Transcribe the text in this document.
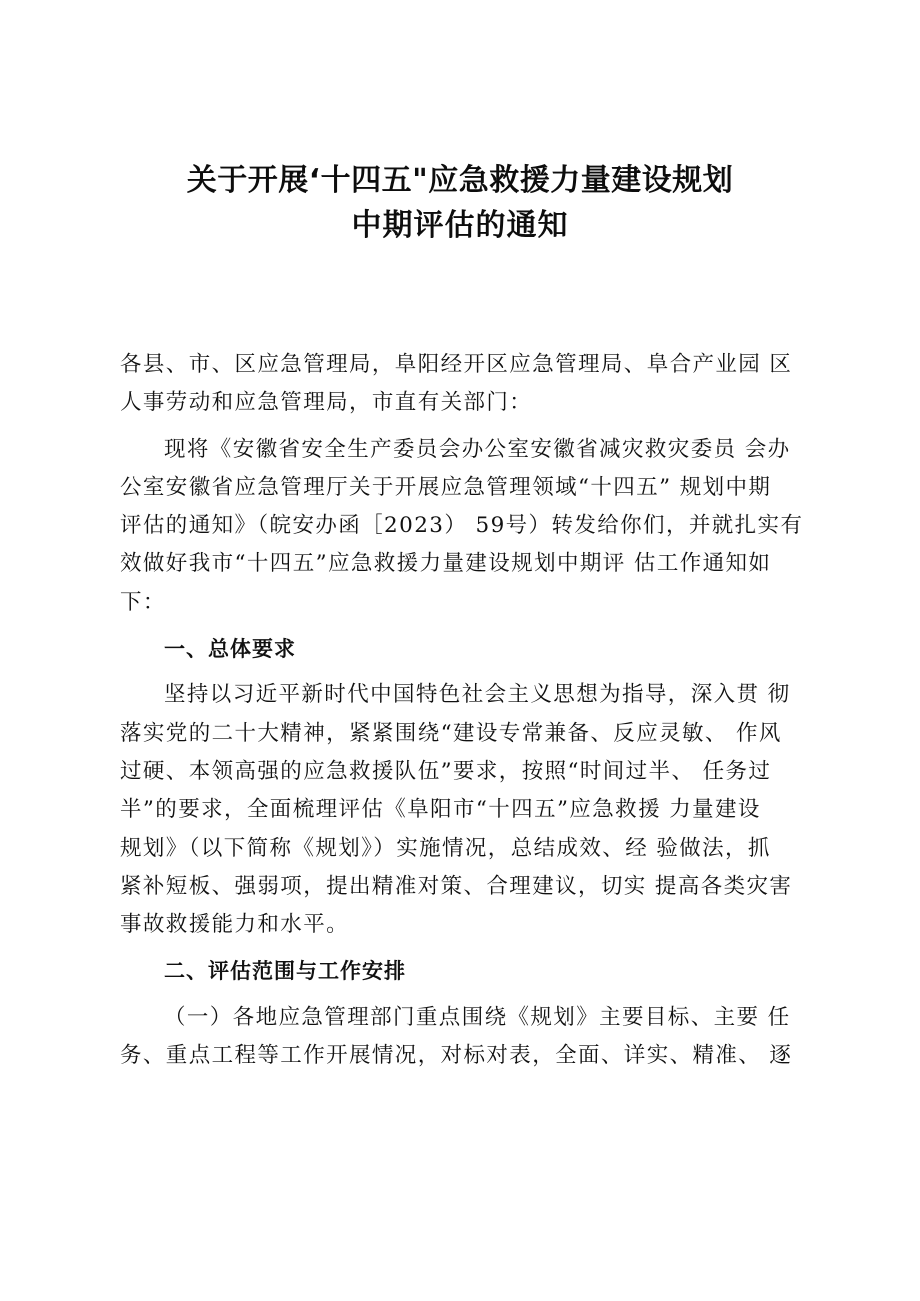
关于开展‘十四五"应急救援力量建设规划
中期评估的通知
各县、市、区应急管理局，阜阳经开区应急管理局、阜合产业园 区
人事劳动和应急管理局，市直有关部门：
现将《安徽省安全生产委员会办公室安徽省减灾救灾委员 会办
公室安徽省应急管理厅关于开展应急管理领域“十四五” 规划中期
评估的通知》（皖安办函［2023） 59号）转发给你们，并就扎实有
效做好我市“十四五”应急救援力量建设规划中期评 估工作通知如
下：
一、总体要求
坚持以习近平新时代中国特色社会主义思想为指导，深入贯 彻
落实党的二十大精神，紧紧围绕“建设专常兼备、反应灵敏、 作风
过硬、本领高强的应急救援队伍”要求，按照“时间过半、 任务过
半”的要求，全面梳理评估《阜阳市“十四五”应急救援 力量建设
规划》（以下简称《规划》）实施情况，总结成效、经 验做法，抓
紧补短板、强弱项，提出精准对策、合理建议，切实 提高各类灾害
事故救援能力和水平。
二、评估范围与工作安排
（一）各地应急管理部门重点围绕《规划》主要目标、主要 任
务、重点工程等工作开展情况，对标对表，全面、详实、精准、 逐
